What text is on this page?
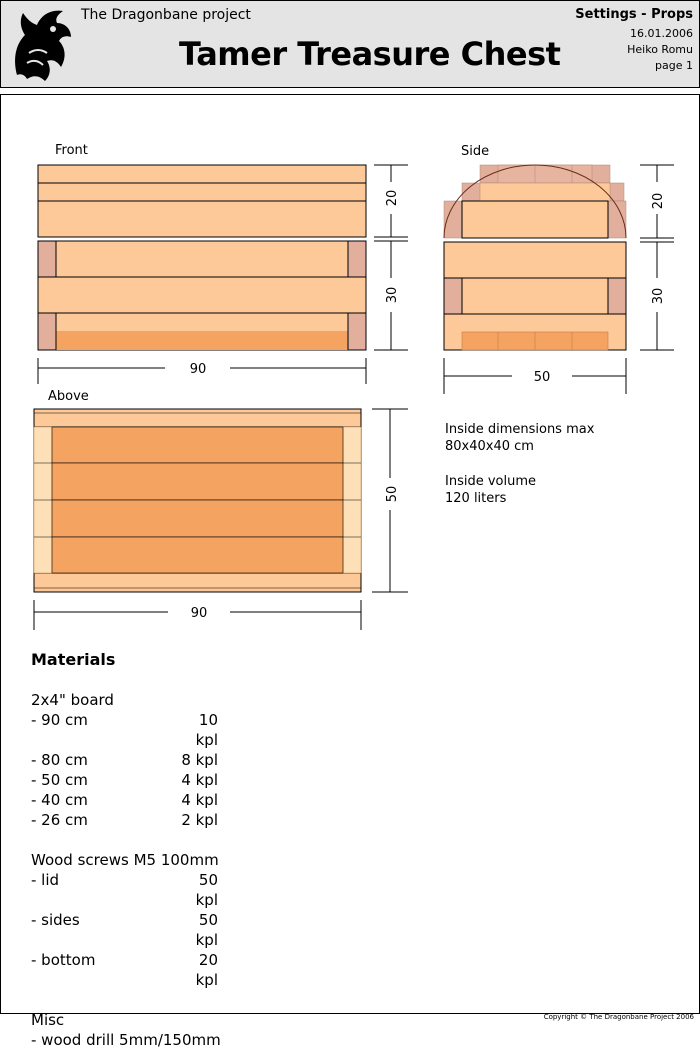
The Dragonbane project
Tamer Treasure Chest
Settings - Props
16.01.2006
Heiko Romu
page 1
Front	Side
Above
90
50
90
20
30
20
30
50
Inside dimensions max
80x40x40 cm
Inside volume
120 liters
Materials
2x4" board
- 90 cm	10 kpl
- 80 cm	8 kpl
- 50 cm	4 kpl
- 40 cm	4 kpl
- 26 cm	2 kpl
Wood screws M5 100mm
- lid	50 kpl
- sides	50 kpl
- bottom	20 kpl
Misc
- wood drill 5mm/150mm
Copyright © The Dragonbane Project 2006
